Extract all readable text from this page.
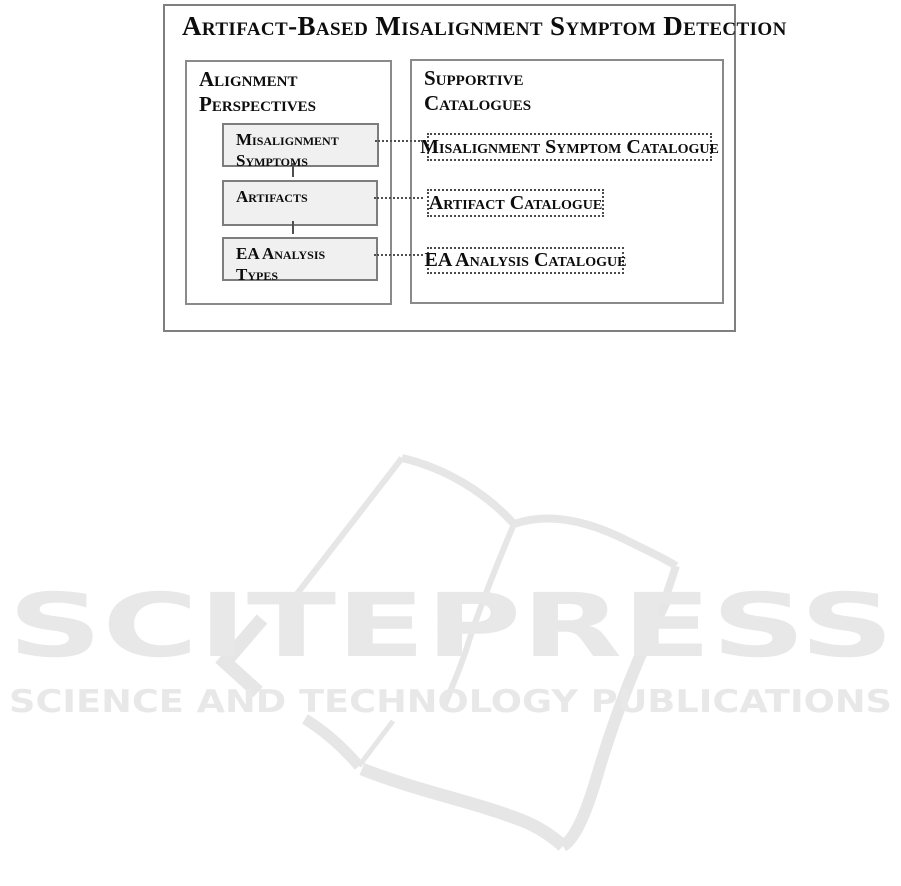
SCITEPRESS
SCIENCE AND TECHNOLOGY PUBLICATIONS
Artifact-Based Misalignment Symptom Detection
Alignment
Perspectives
Misalignment
Symptoms
Artifacts
EA Analysis
Types
Supportive
Catalogues
Misalignment Symptom Catalogue
Artifact Catalogue
EA Analysis Catalogue
